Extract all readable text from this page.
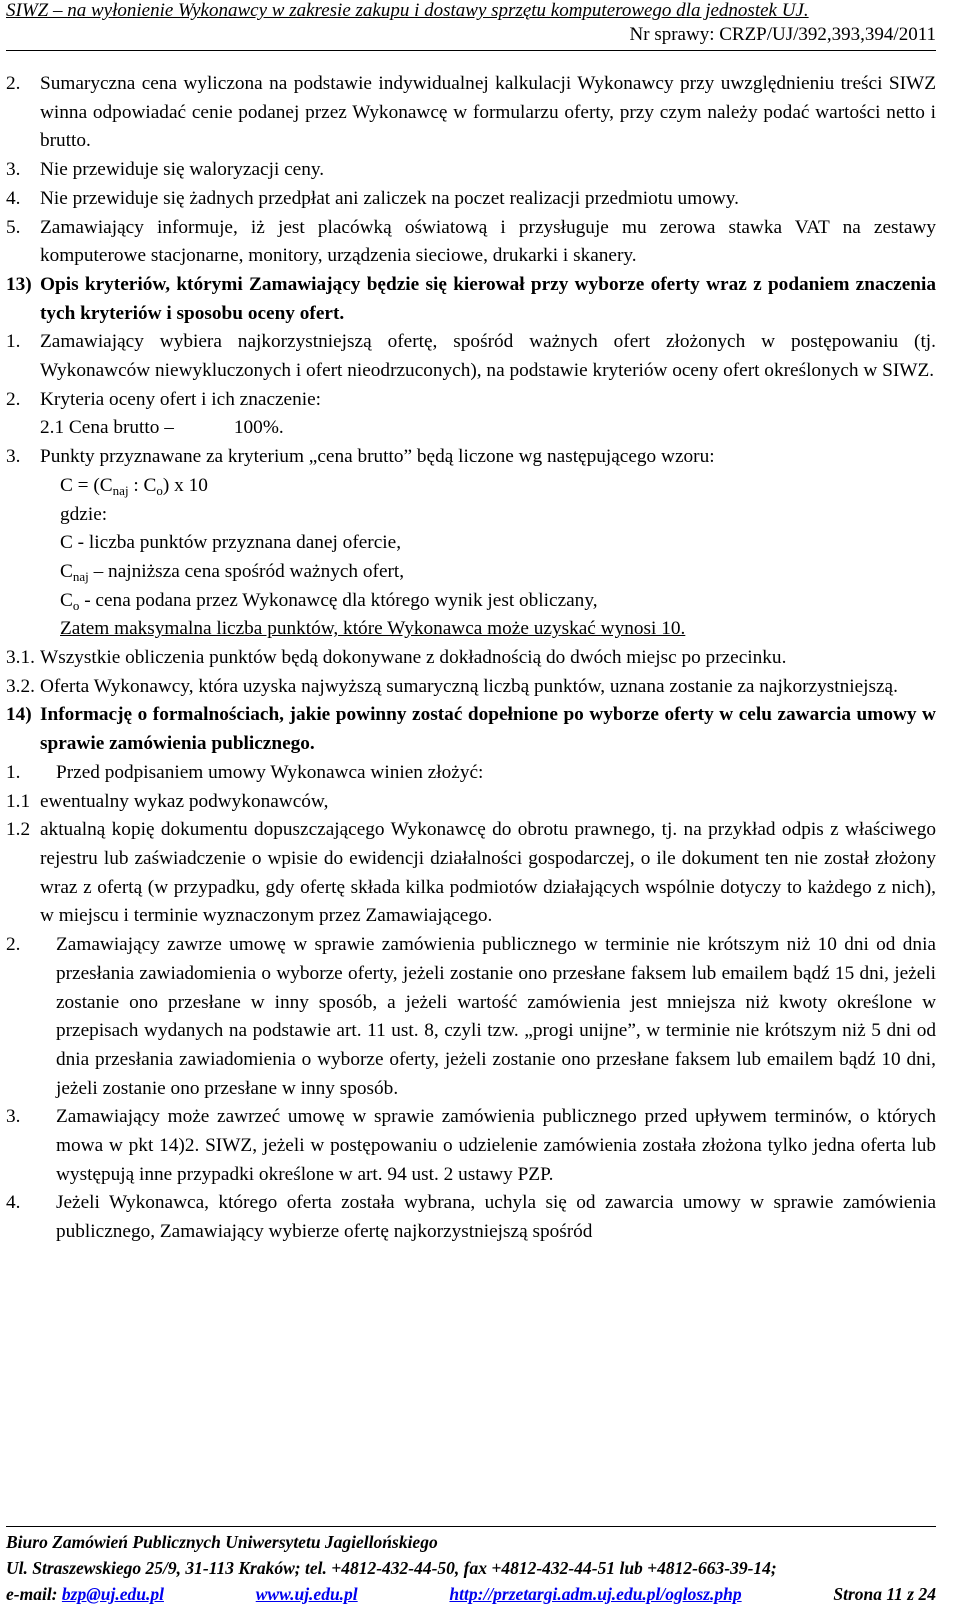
SIWZ – na wyłonienie Wykonawcy w zakresie zakupu i dostawy sprzętu komputerowego dla jednostek UJ.
Nr sprawy: CRZP/UJ/392,393,394/2011
2.	Sumaryczna cena wyliczona na podstawie indywidualnej kalkulacji Wykonawcy przy uwzględnieniu treści SIWZ winna odpowiadać cenie podanej przez Wykonawcę w formularzu oferty, przy czym należy podać wartości netto i brutto.
3.	Nie przewiduje się waloryzacji ceny.
4.	Nie przewiduje się żadnych przedpłat ani zaliczek na poczet realizacji przedmiotu umowy.
5.	Zamawiający informuje, iż jest placówką oświatową i przysługuje mu zerowa stawka VAT na zestawy komputerowe stacjonarne, monitory, urządzenia sieciowe, drukarki i skanery.
13) Opis kryteriów, którymi Zamawiający będzie się kierował przy wyborze oferty wraz z podaniem znaczenia tych kryteriów i sposobu oceny ofert.
1.	Zamawiający wybiera najkorzystniejszą ofertę, spośród ważnych ofert złożonych w postępowaniu (tj. Wykonawców niewykluczonych i ofert nieodrzuconych), na podstawie kryteriów oceny ofert określonych w SIWZ.
2.	Kryteria oceny ofert i ich znaczenie:

2.1 Cena brutto –	100%.

3.	Punkty przyznawane za kryterium „cena brutto” będą liczone wg następującego wzoru:

$C = (C_{naj}$ : $C_o$) x 10

gdzie:

C - liczba punktów przyznana danej ofercie,

$C_{naj}$ – najniższa cena spośród ważnych ofert,

$C_o$ - cena podana przez Wykonawcę dla którego wynik jest obliczany,

Zatem maksymalna liczba punktów, które Wykonawca może uzyskać wynosi 10.

3.1. Wszystkie obliczenia punktów będą dokonywane z dokładnością do dwóch miejsc po przecinku.
3.2. Oferta Wykonawcy, która uzyska najwyższą sumaryczną liczbą punktów, uznana zostanie za najkorzystniejszą.
14) Informację o formalnościach, jakie powinny zostać dopełnione po wyborze oferty w celu zawarcia umowy w sprawie zamówienia publicznego.
1.	Przed podpisaniem umowy Wykonawca winien złożyć:
1.1 ewentualny wykaz podwykonawców,
1.2 aktualną kopię dokumentu dopuszczającego Wykonawcę do obrotu prawnego, tj. na przykład odpis z właściwego rejestru lub zaświadczenie o wpisie do ewidencji działalności gospodarczej, o ile dokument ten nie został złożony wraz z ofertą (w przypadku, gdy ofertę składa kilka podmiotów działających wspólnie dotyczy to każdego z nich), w miejscu i terminie wyznaczonym przez Zamawiającego.
2.	Zamawiający zawrze umowę w sprawie zamówienia publicznego w terminie nie krótszym niż 10 dni od dnia przesłania zawiadomienia o wyborze oferty, jeżeli zostanie ono przesłane faksem lub emailem bądź 15 dni, jeżeli zostanie ono przesłane w inny sposób, a jeżeli wartość zamówienia jest mniejsza niż kwoty określone w przepisach wydanych na podstawie art. 11 ust. 8, czyli tzw. „progi unijne”, w terminie nie krótszym niż 5 dni od dnia przesłania zawiadomienia o wyborze oferty, jeżeli zostanie ono przesłane faksem lub emailem bądź 10 dni, jeżeli zostanie ono przesłane w inny sposób.
3.	Zamawiający może zawrzeć umowę w sprawie zamówienia publicznego przed upływem terminów, o których mowa w pkt 14)2. SIWZ, jeżeli w postępowaniu o udzielenie zamówienia została złożona tylko jedna oferta lub występują inne przypadki określone w art. 94 ust. 2 ustawy PZP.
4.	Jeżeli Wykonawca, którego oferta została wybrana, uchyla się od zawarcia umowy w sprawie zamówienia publicznego, Zamawiający wybierze ofertę najkorzystniejszą spośród
Biuro Zamówień Publicznych Uniwersytetu Jagiellońskiego
Ul. Straszewskiego 25/9, 31-113 Kraków; tel. +4812-432-44-50, fax +4812-432-44-51 lub +4812-663-39-14;
e-mail: bzp@uj.edu.pl	www.uj.edu.pl	http://przetargi.adm.uj.edu.pl/oglosz.php	Strona 11 z 24
